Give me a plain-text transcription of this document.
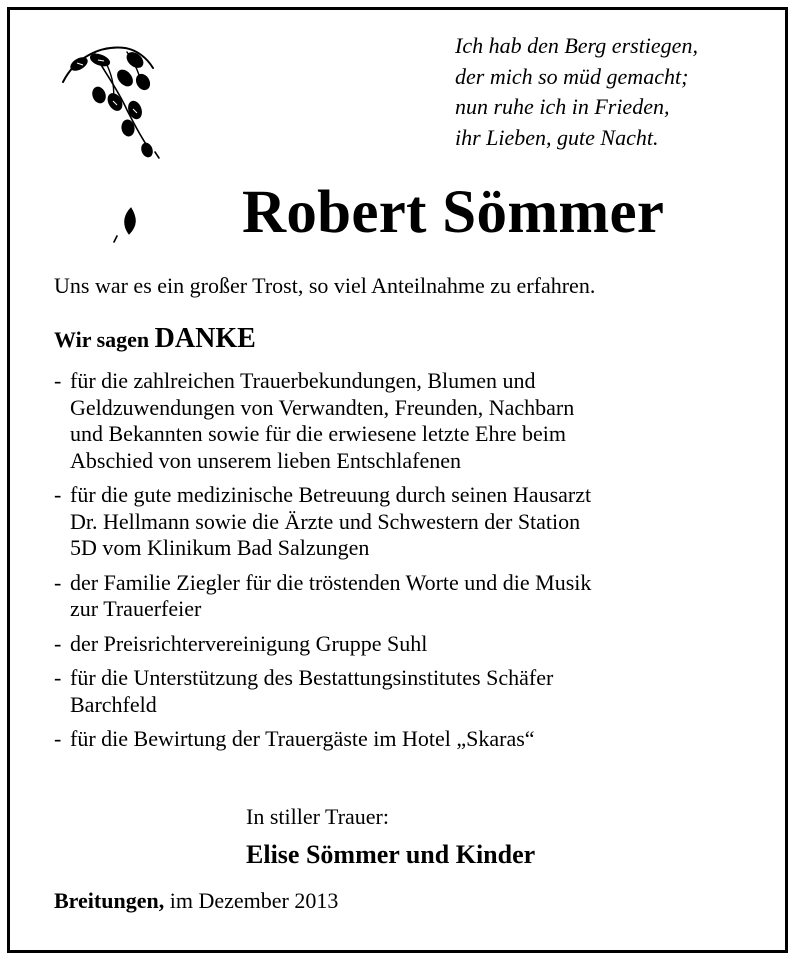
Ich hab den Berg erstiegen,
der mich so müd gemacht;
nun ruhe ich in Frieden,
ihr Lieben, gute Nacht.
Robert Sömmer
Uns war es ein großer Trost, so viel Anteilnahme zu erfahren.
Wir sagen DANKE
- für die zahlreichen Trauerbekundungen, Blumen und
Geldzuwendungen von Verwandten, Freunden, Nachbarn
und Bekannten sowie für die erwiesene letzte Ehre beim
Abschied von unserem lieben Entschlafenen
- für die gute medizinische Betreuung durch seinen Hausarzt
Dr. Hellmann sowie die Ärzte und Schwestern der Station
5D vom Klinikum Bad Salzungen
- der Familie Ziegler für die tröstenden Worte und die Musik
zur Trauerfeier
- der Preisrichtervereinigung Gruppe Suhl
- für die Unterstützung des Bestattungsinstitutes Schäfer
Barchfeld
- für die Bewirtung der Trauergäste im Hotel „Skaras“
In stiller Trauer:
Elise Sömmer und Kinder
Breitungen, im Dezember 2013
